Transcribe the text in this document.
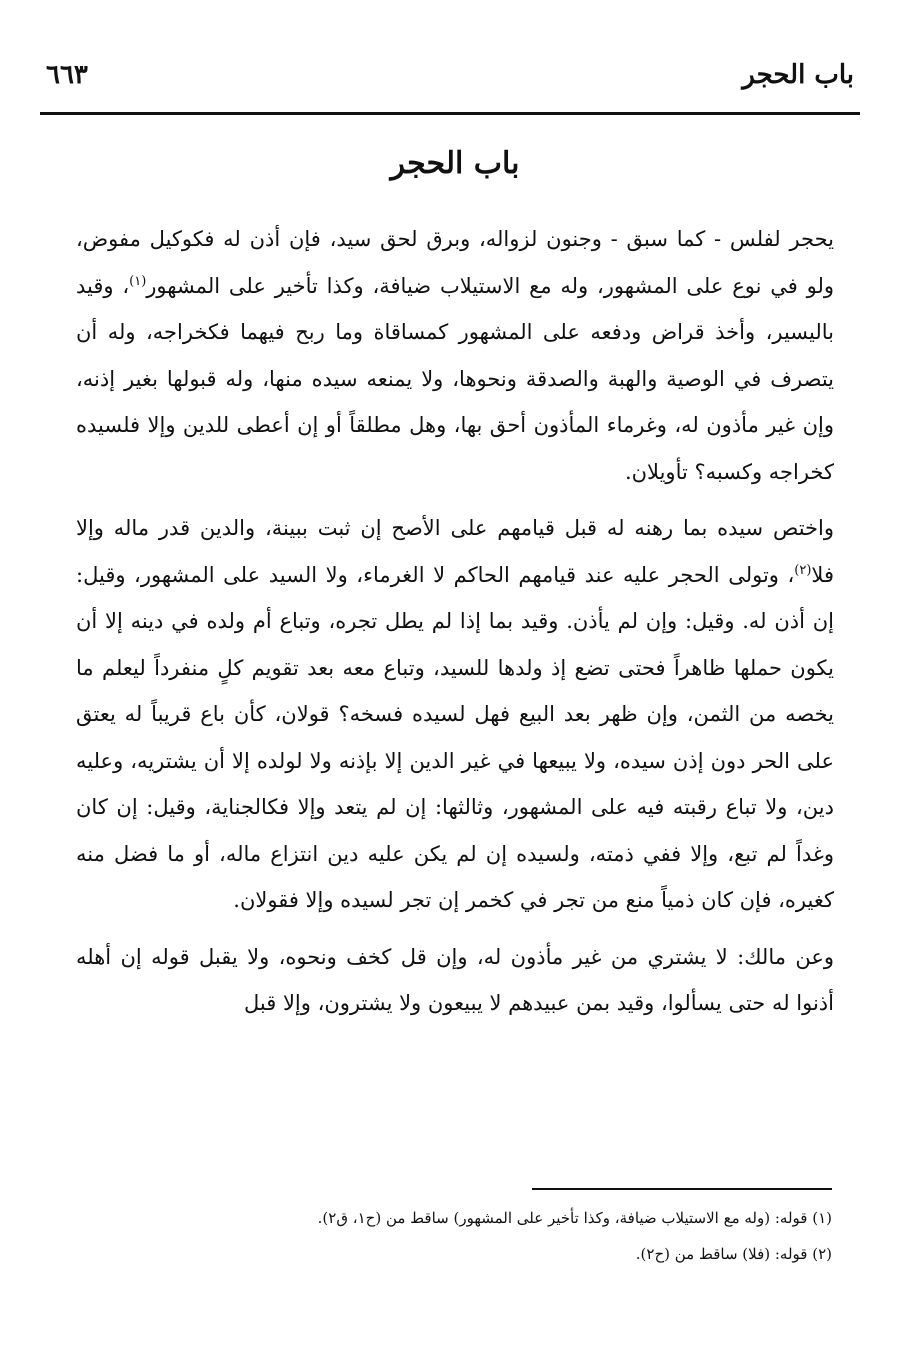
باب الحجر
٦٦٣
باب الحجر

يحجر لفلس - كما سبق - وجنون لزواله، وبرق لحق سيد، فإن أذن له فكوكيل مفوض، ولو في نوع على المشهور، وله مع الاستيلاب ضيافة، وكذا تأخير على المشهور$^{(١)}$، وقيد باليسير، وأخذ قراض ودفعه على المشهور كمساقاة وما ربح فيهما فكخراجه، وله أن يتصرف في الوصية والهبة والصدقة ونحوها، ولا يمنعه سيده منها، وله قبولها بغير إذنه، وإن غير مأذون له، وغرماء المأذون أحق بها، وهل مطلقاً أو إن أعطى للدين وإلا فلسيده كخراجه وكسبه؟ تأويلان.

واختص سيده بما رهنه له قبل قيامهم على الأصح إن ثبت ببينة، والدين قدر ماله وإلا فلا$^{(٢)}$، وتولى الحجر عليه عند قيامهم الحاكم لا الغرماء، ولا السيد على المشهور، وقيل: إن أذن له. وقيل: وإن لم يأذن. وقيد بما إذا لم يطل تجره، وتباع أم ولده في دينه إلا أن يكون حملها ظاهراً فحتى تضع إذ ولدها للسيد، وتباع معه بعد تقويم كلٍ منفرداً ليعلم ما يخصه من الثمن، وإن ظهر بعد البيع فهل لسيده فسخه؟ قولان، كأن باع قريباً له يعتق على الحر دون إذن سيده، ولا يبيعها في غير الدين إلا بإذنه ولا لولده إلا أن يشتريه، وعليه دين، ولا تباع رقبته فيه على المشهور، وثالثها: إن لم يتعد وإلا فكالجناية، وقيل: إن كان وغداً لم تبع، وإلا ففي ذمته، ولسيده إن لم يكن عليه دين انتزاع ماله، أو ما فضل منه كغيره، فإن كان ذمياً منع من تجر في كخمر إن تجر لسيده وإلا فقولان.

وعن مالك: لا يشتري من غير مأذون له، وإن قل كخف ونحوه، ولا يقبل قوله إن أهله أذنوا له حتى يسألوا، وقيد بمن عبيدهم لا يبيعون ولا يشترون، وإلا قبل

(١) قوله: (وله مع الاستيلاب ضيافة، وكذا تأخير على المشهور) ساقط من (ح١، ق٢).

(٢) قوله: (فلا) ساقط من (ح٢).
